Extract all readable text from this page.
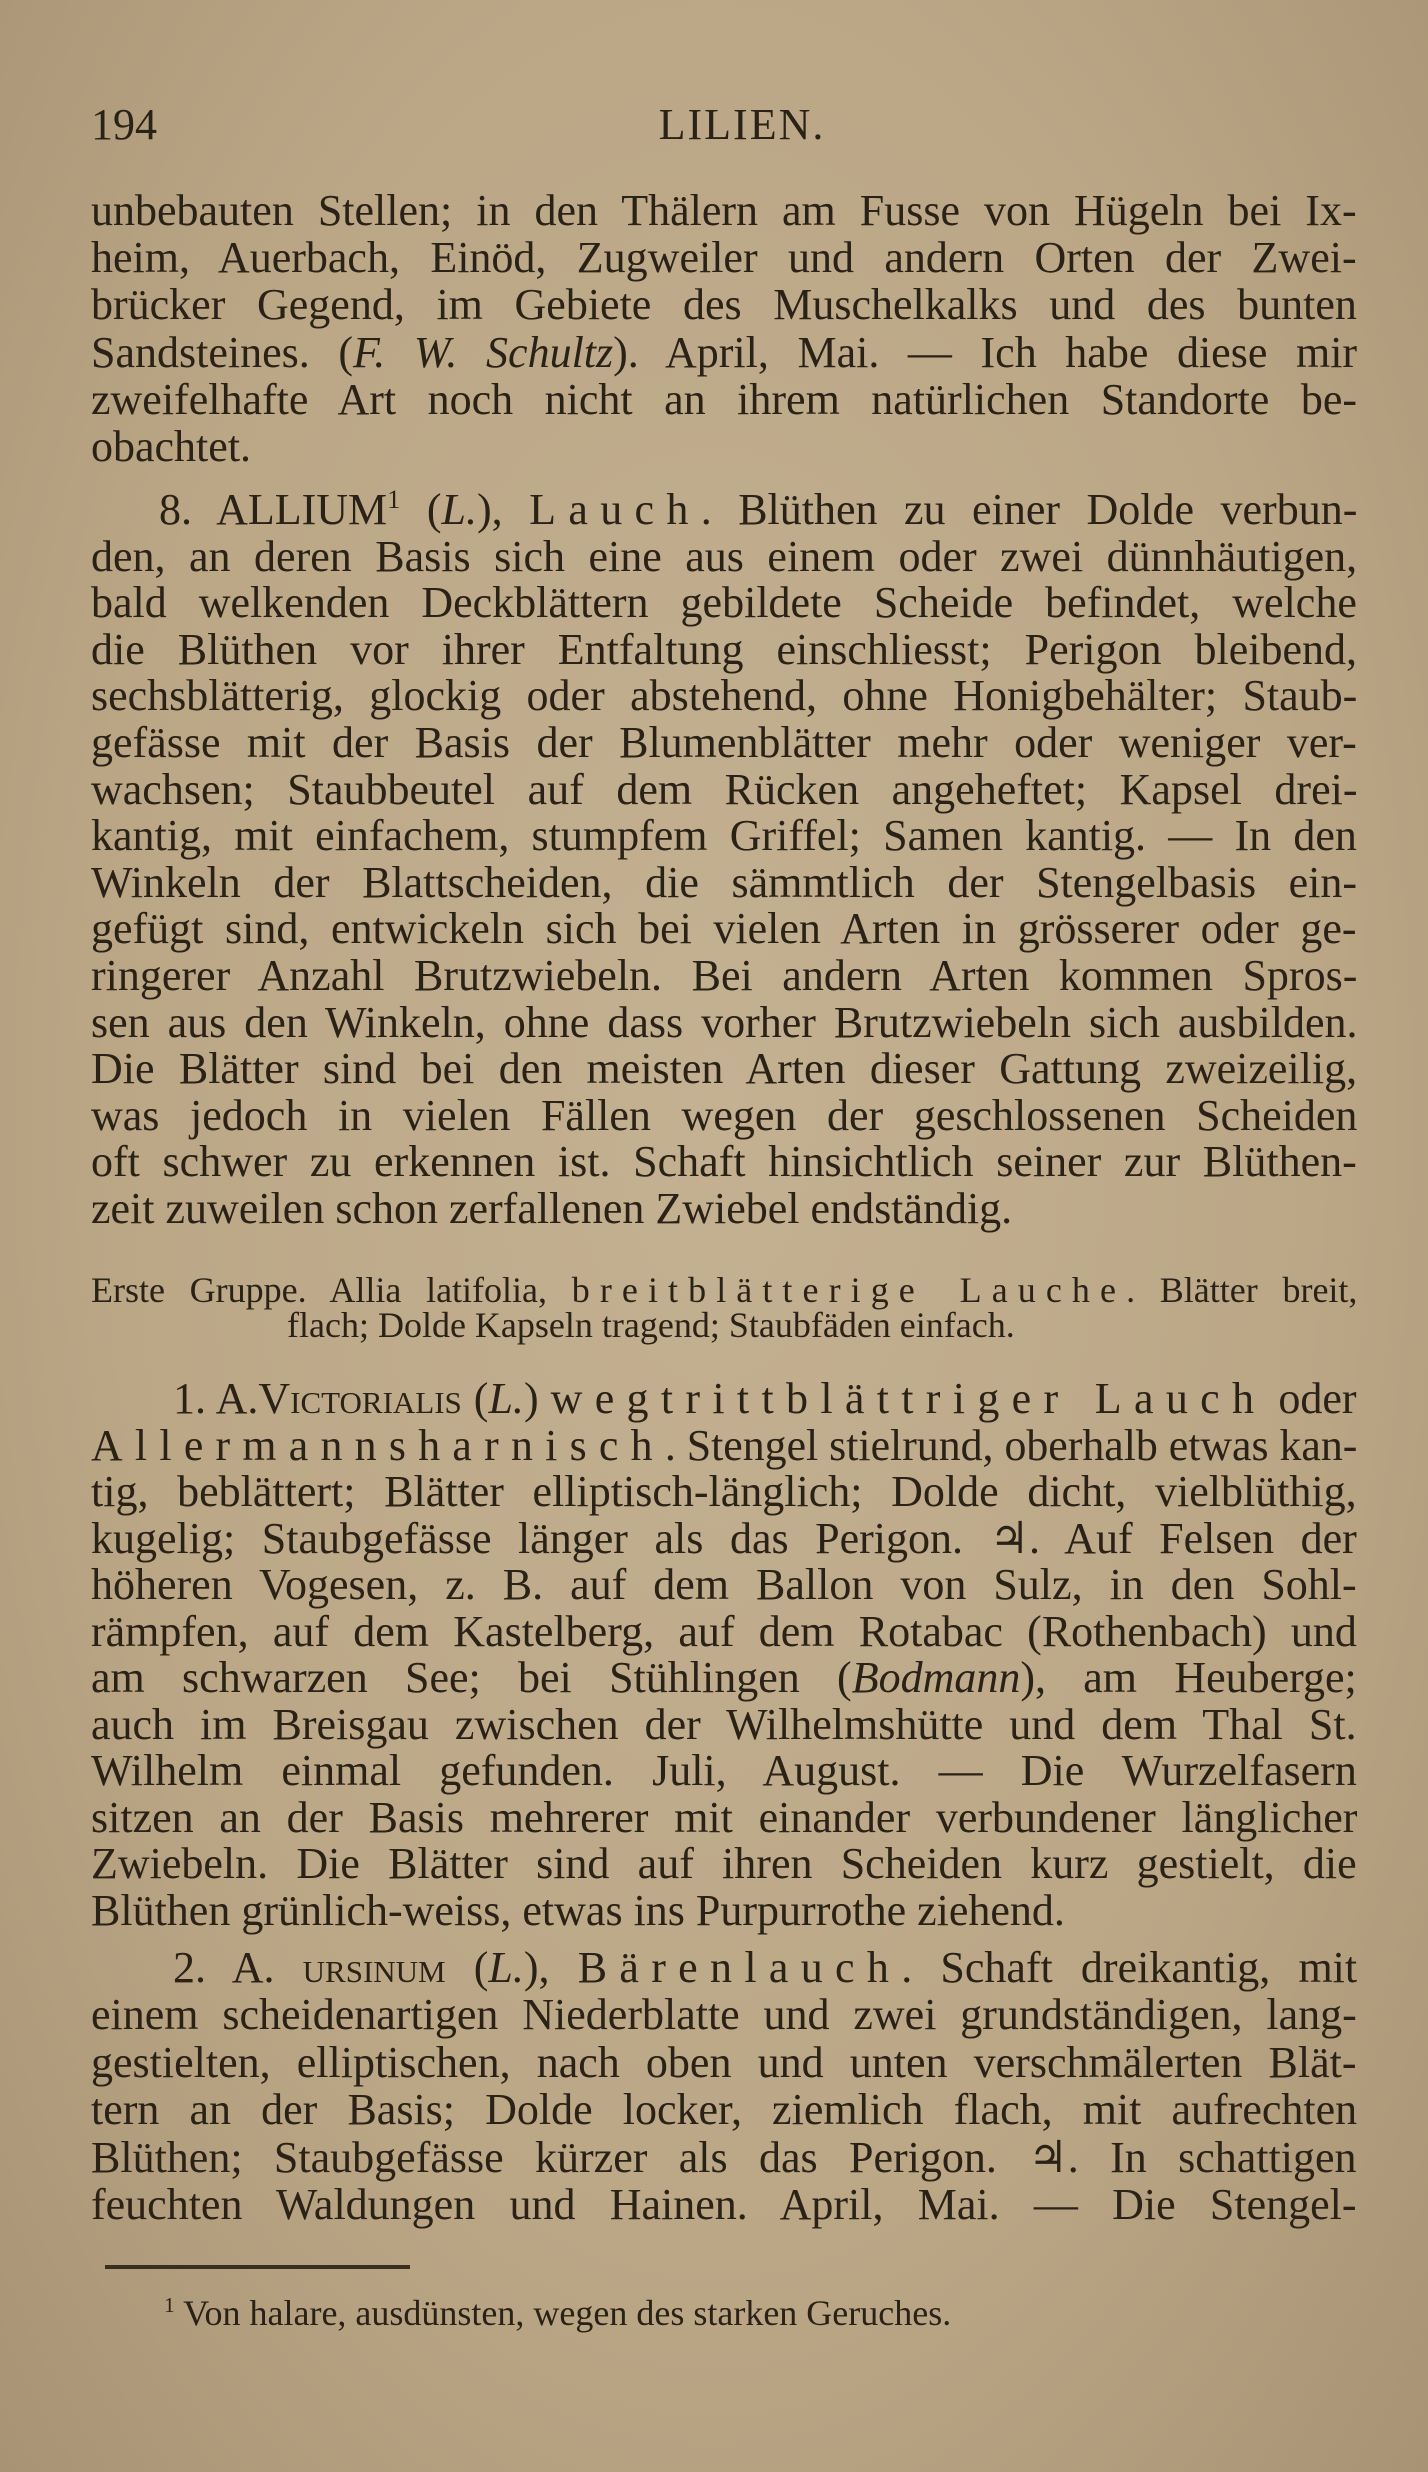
194	LILIEN.
unbebauten Stellen; in den Thälern am Fusse von Hügeln bei Ix-
heim, Auerbach, Einöd, Zugweiler und andern Orten der Zwei-
brücker Gegend, im Gebiete des Muschelkalks und des bunten
Sandsteines. (F. W. Schultz). April, Mai. — Ich habe diese mir
zweifelhafte Art noch nicht an ihrem natürlichen Standorte be-
obachtet.
8. ALLIUM$^1$ (L.), Lauch. Blüthen zu einer Dolde verbun-
den, an deren Basis sich eine aus einem oder zwei dünnhäutigen,
bald welkenden Deckblättern gebildete Scheide befindet, welche
die Blüthen vor ihrer Entfaltung einschliesst; Perigon bleibend,
sechsblätterig, glockig oder abstehend, ohne Honigbehälter; Staub-
gefässe mit der Basis der Blumenblätter mehr oder weniger ver-
wachsen; Staubbeutel auf dem Rücken angeheftet; Kapsel drei-
kantig, mit einfachem, stumpfem Griffel; Samen kantig. — In den
Winkeln der Blattscheiden, die sämmtlich der Stengelbasis ein-
gefügt sind, entwickeln sich bei vielen Arten in grösserer oder ge-
ringerer Anzahl Brutzwiebeln. Bei andern Arten kommen Spros-
sen aus den Winkeln, ohne dass vorher Brutzwiebeln sich ausbilden.
Die Blätter sind bei den meisten Arten dieser Gattung zweizeilig,
was jedoch in vielen Fällen wegen der geschlossenen Scheiden
oft schwer zu erkennen ist. Schaft hinsichtlich seiner zur Blüthen-
zeit zuweilen schon zerfallenen Zwiebel endständig.
Erste Gruppe. Allia latifolia, breitblätterige Lauche. Blätter breit,
flach; Dolde Kapseln tragend; Staubfäden einfach.
1. A.Victorialis (L.) wegtrittblättriger Lauch oder
Allermannsharnisch. Stengel stielrund, oberhalb etwas kan-
tig, beblättert; Blätter elliptisch-länglich; Dolde dicht, vielblüthig,
kugelig; Staubgefässe länger als das Perigon. ♃. Auf Felsen der
höheren Vogesen, z. B. auf dem Ballon von Sulz, in den Sohl-
rämpfen, auf dem Kastelberg, auf dem Rotabac (Rothenbach) und
am schwarzen See; bei Stühlingen (Bodmann), am Heuberge;
auch im Breisgau zwischen der Wilhelmshütte und dem Thal St.
Wilhelm einmal gefunden. Juli, August. — Die Wurzelfasern
sitzen an der Basis mehrerer mit einander verbundener länglicher
Zwiebeln. Die Blätter sind auf ihren Scheiden kurz gestielt, die
Blüthen grünlich-weiss, etwas ins Purpurrothe ziehend.
2. A. ursinum (L.), Bärenlauch. Schaft dreikantig, mit
einem scheidenartigen Niederblatte und zwei grundständigen, lang-
gestielten, elliptischen, nach oben und unten verschmälerten Blät-
tern an der Basis; Dolde locker, ziemlich flach, mit aufrechten
Blüthen; Staubgefässe kürzer als das Perigon. ♃. In schattigen
feuchten Waldungen und Hainen. April, Mai. — Die Stengel-
$^1$ Von halare, ausdünsten, wegen des starken Geruches.
